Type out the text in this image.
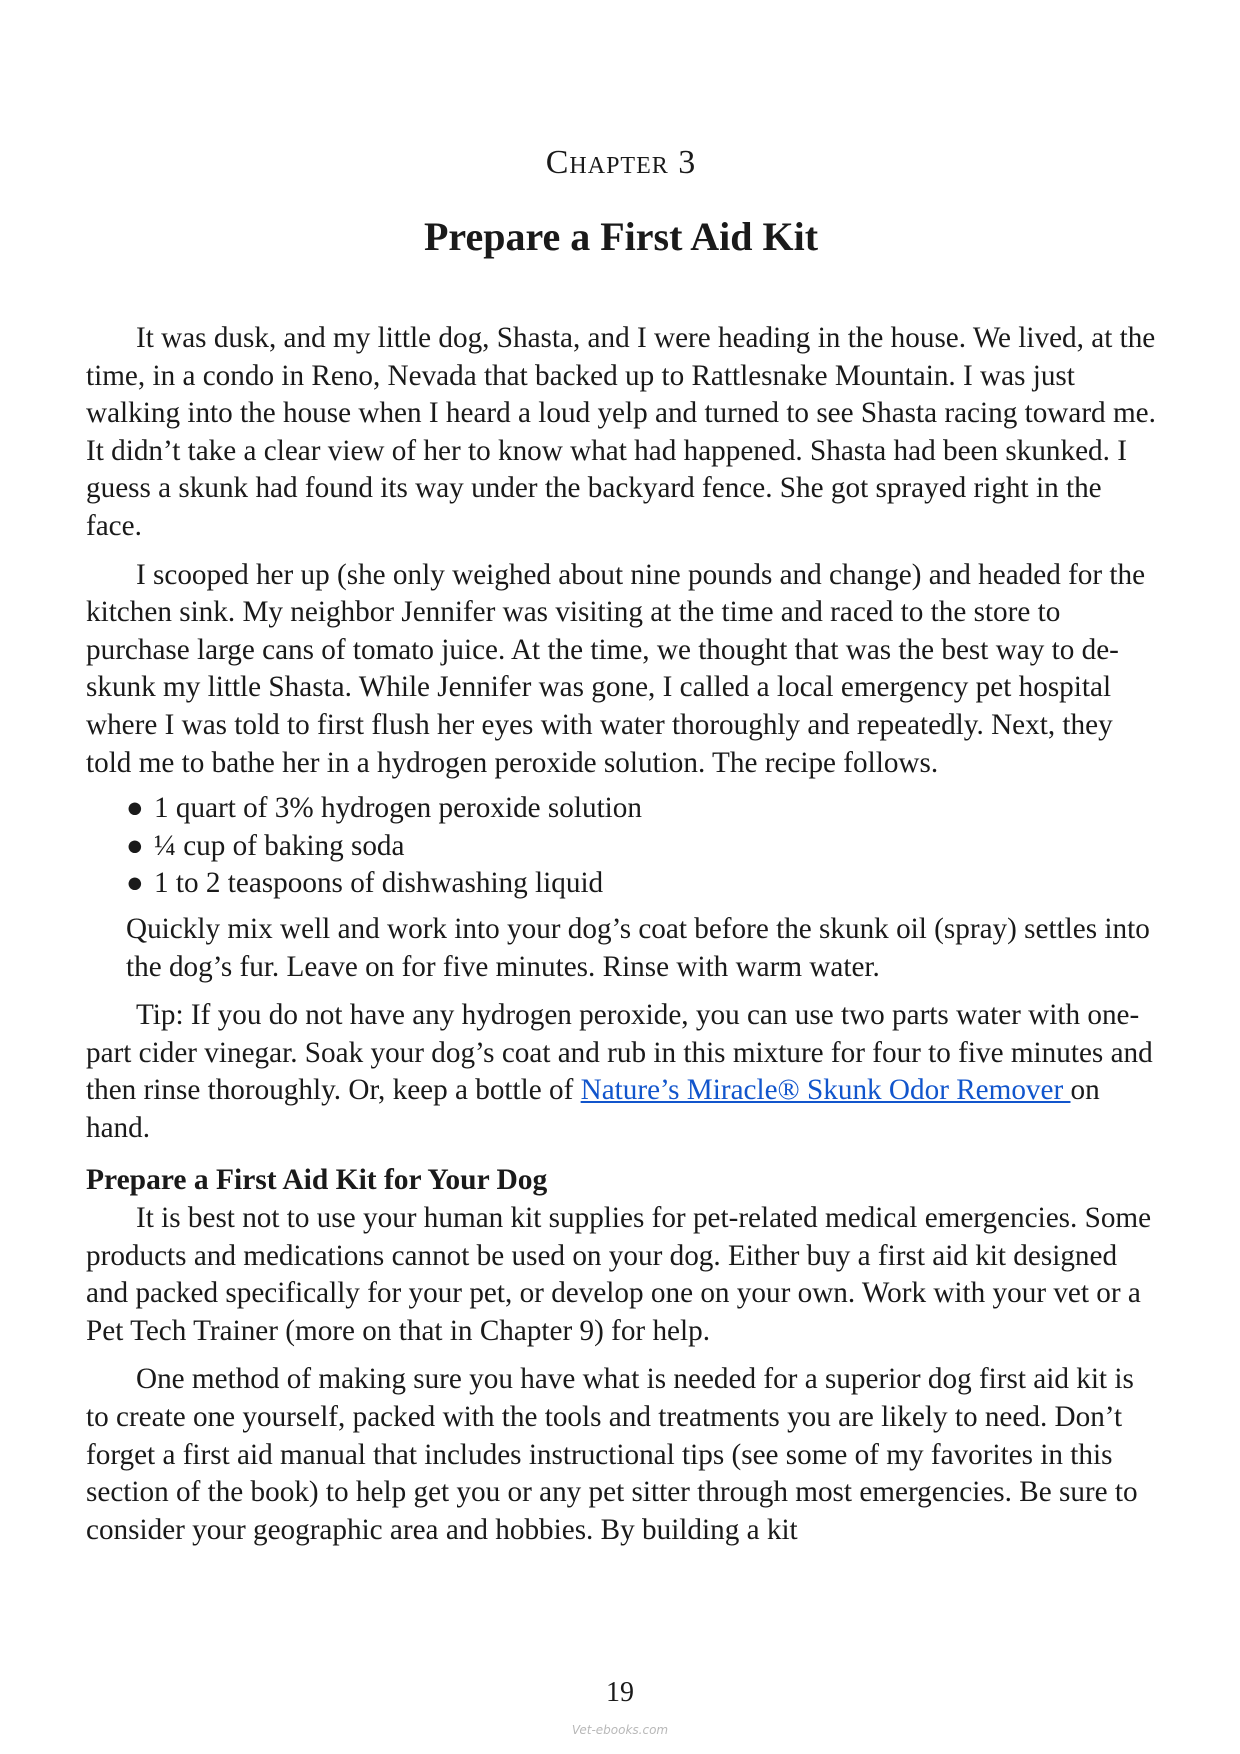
Chapter 3
Prepare a First Aid Kit

It was dusk, and my little dog, Shasta, and I were heading in the house. We lived, at the time, in a condo in Reno, Nevada that backed up to Rattlesnake Mountain. I was just walking into the house when I heard a loud yelp and turned to see Shasta racing toward me. It didn’t take a clear view of her to know what had happened. Shasta had been skunked. I guess a skunk had found its way under the backyard fence. She got sprayed right in the face.

I scooped her up (she only weighed about nine pounds and change) and headed for the kitchen sink. My neighbor Jennifer was visiting at the time and raced to the store to purchase large cans of tomato juice. At the time, we thought that was the best way to de-skunk my little Shasta. While Jennifer was gone, I called a local emergency pet hospital where I was told to first flush her eyes with water thoroughly and repeatedly. Next, they told me to bathe her in a hydrogen peroxide solution. The recipe follows.

● 1 quart of 3% hydrogen peroxide solution
● ¼ cup of baking soda
● 1 to 2 teaspoons of dishwashing liquid

Quickly mix well and work into your dog’s coat before the skunk oil (spray) settles into the dog’s fur. Leave on for five minutes. Rinse with warm water.

Tip: If you do not have any hydrogen peroxide, you can use two parts water with one-part cider vinegar. Soak your dog’s coat and rub in this mixture for four to five minutes and then rinse thoroughly. Or, keep a bottle of Nature’s Miracle® Skunk Odor Remover on hand.

Prepare a First Aid Kit for Your Dog

It is best not to use your human kit supplies for pet-related medical emergencies. Some products and medications cannot be used on your dog. Either buy a first aid kit designed and packed specifically for your pet, or develop one on your own. Work with your vet or a Pet Tech Trainer (more on that in Chapter 9) for help.

One method of making sure you have what is needed for a superior dog first aid kit is to create one yourself, packed with the tools and treatments you are likely to need. Don’t forget a first aid manual that includes instructional tips (see some of my favorites in this section of the book) to help get you or any pet sitter through most emergencies. Be sure to consider your geographic area and hobbies. By building a kit

19
Vet-ebooks.com
